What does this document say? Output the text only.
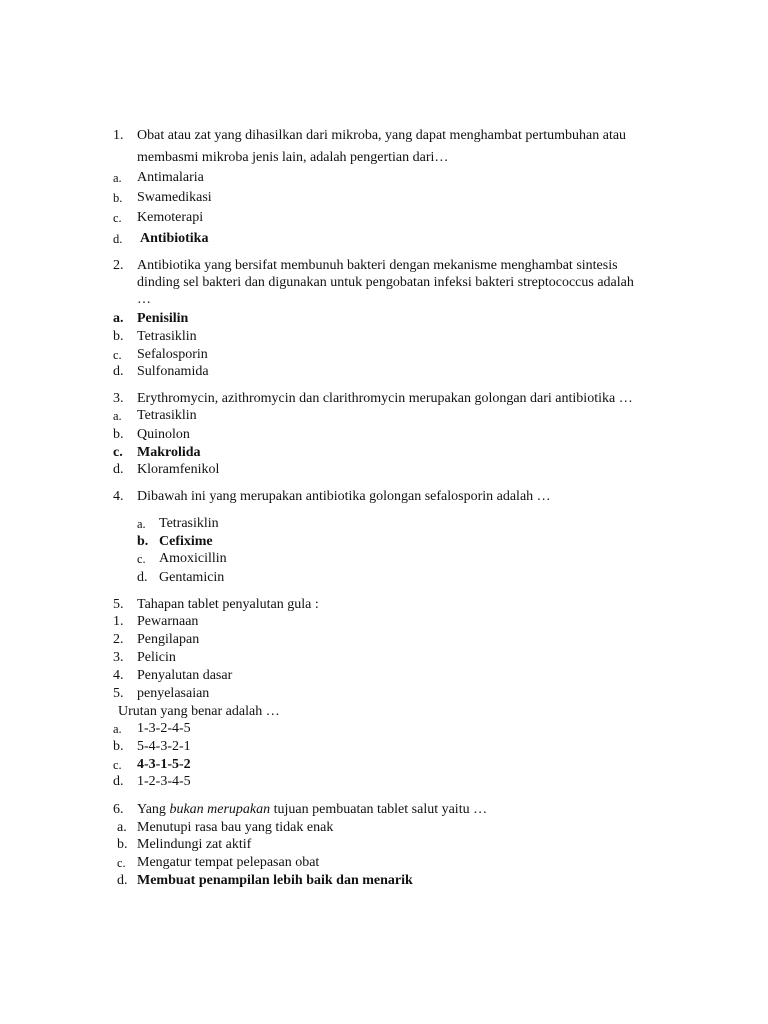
1. Obat atau zat yang dihasilkan dari mikroba, yang dapat menghambat pertumbuhan atau
membasmi mikroba jenis lain, adalah pengertian dari…
a. Antimalaria
b. Swamedikasi
c. Kemoterapi
d. Antibiotika
2. Antibiotika yang bersifat membunuh bakteri dengan mekanisme menghambat sintesis
dinding sel bakteri dan digunakan untuk pengobatan infeksi bakteri streptococcus adalah
…
a. Penisilin
b. Tetrasiklin
c. Sefalosporin
d. Sulfonamida
3. Erythromycin, azithromycin dan clarithromycin merupakan golongan dari antibiotika …
a. Tetrasiklin
b. Quinolon
c. Makrolida
d. Kloramfenikol
4. Dibawah ini yang merupakan antibiotika golongan sefalosporin adalah …
a. Tetrasiklin
b. Cefixime
c. Amoxicillin
d. Gentamicin
5. Tahapan tablet penyalutan gula :
1. Pewarnaan
2. Pengilapan
3. Pelicin
4. Penyalutan dasar
5. penyelasaian
Urutan yang benar adalah …
a. 1-3-2-4-5
b. 5-4-3-2-1
c. 4-3-1-5-2
d. 1-2-3-4-5
6. Yang bukan merupakan tujuan pembuatan tablet salut yaitu …
a. Menutupi rasa bau yang tidak enak
b. Melindungi zat aktif
c. Mengatur tempat pelepasan obat
d. Membuat penampilan lebih baik dan menarik
